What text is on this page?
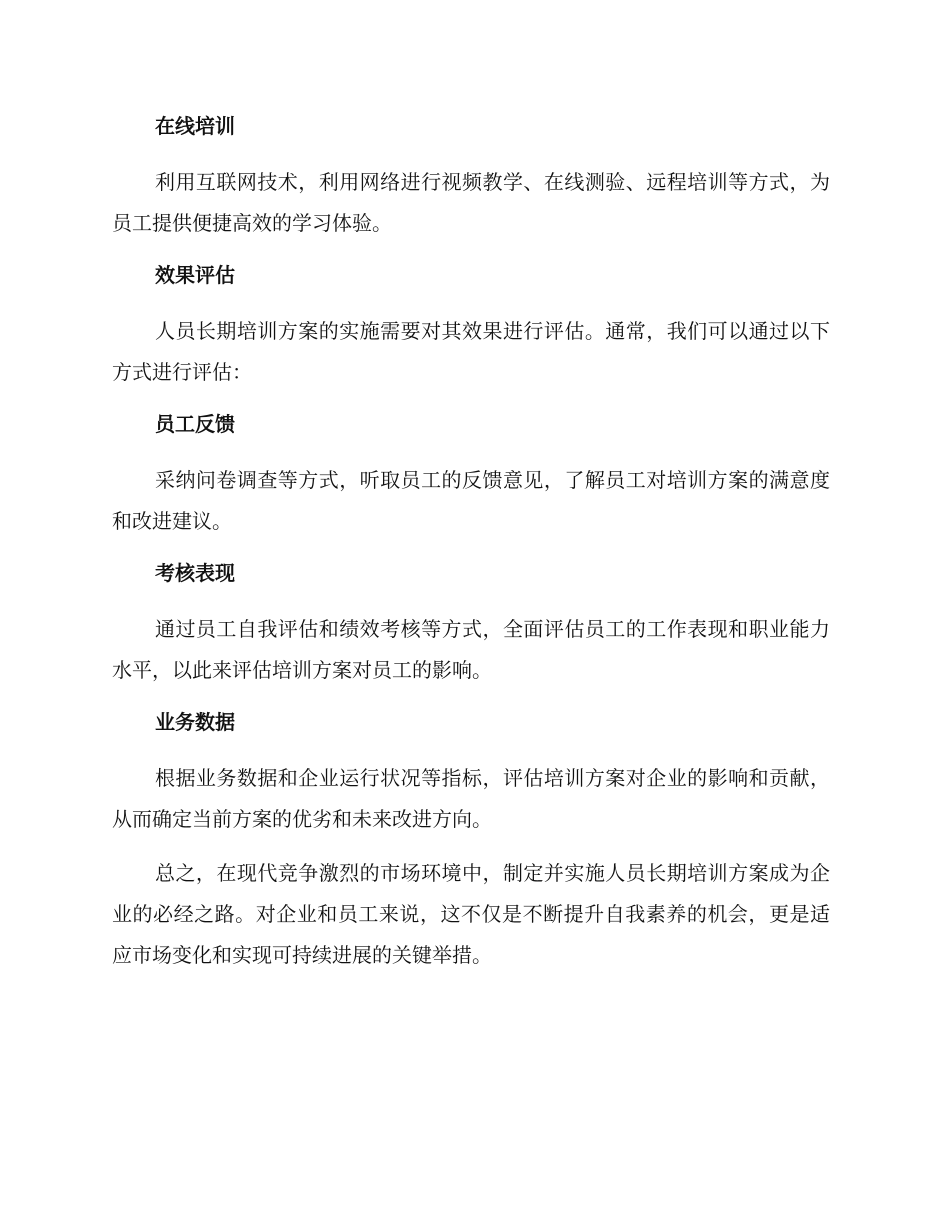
在线培训

利用互联网技术，利用网络进行视频教学、在线测验、远程培训等方式，为员工提供便捷高效的学习体验。

效果评估

人员长期培训方案的实施需要对其效果进行评估。通常，我们可以通过以下方式进行评估：

员工反馈

采纳问卷调查等方式，听取员工的反馈意见，了解员工对培训方案的满意度和改进建议。

考核表现

通过员工自我评估和绩效考核等方式，全面评估员工的工作表现和职业能力水平，以此来评估培训方案对员工的影响。

业务数据

根据业务数据和企业运行状况等指标，评估培训方案对企业的影响和贡献，从而确定当前方案的优劣和未来改进方向。

总之，在现代竞争激烈的市场环境中，制定并实施人员长期培训方案成为企业的必经之路。对企业和员工来说，这不仅是不断提升自我素养的机会，更是适应市场变化和实现可持续进展的关键举措。
